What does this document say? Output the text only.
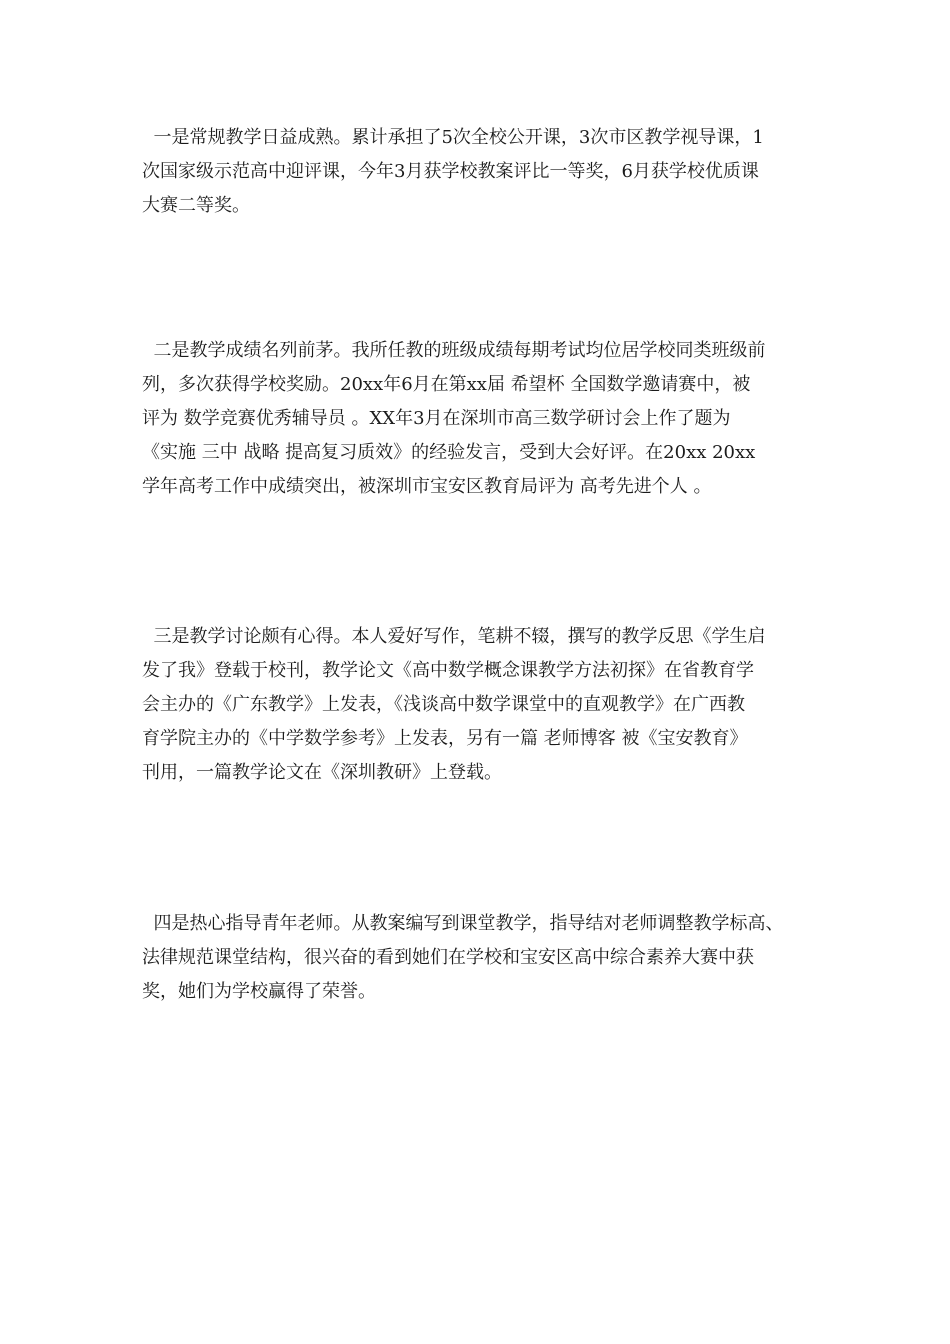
一是常规教学日益成熟。累计承担了5次全校公开课，3次市区教学视导课，1
次国家级示范高中迎评课，今年3月获学校教案评比一等奖，6月获学校优质课
大赛二等奖。
二是教学成绩名列前茅。我所任教的班级成绩每期考试均位居学校同类班级前
列，多次获得学校奖励。20xx年6月在第xx届 希望杯 全国数学邀请赛中，被
评为 数学竞赛优秀辅导员 。XX年3月在深圳市高三数学研讨会上作了题为
《实施 三中 战略 提高复习质效》的经验发言，受到大会好评。在20xx 20xx
学年高考工作中成绩突出，被深圳市宝安区教育局评为 高考先进个人 。
三是教学讨论颇有心得。本人爱好写作，笔耕不辍，撰写的教学反思《学生启
发了我》登载于校刊，教学论文《高中数学概念课教学方法初探》在省教育学
会主办的《广东教学》上发表，《浅谈高中数学课堂中的直观教学》在广西教
育学院主办的《中学数学参考》上发表，另有一篇 老师博客 被《宝安教育》
刊用，一篇教学论文在《深圳教研》上登载。
四是热心指导青年老师。从教案编写到课堂教学，指导结对老师调整教学标高、
法律规范课堂结构，很兴奋的看到她们在学校和宝安区高中综合素养大赛中获
奖，她们为学校赢得了荣誉。
